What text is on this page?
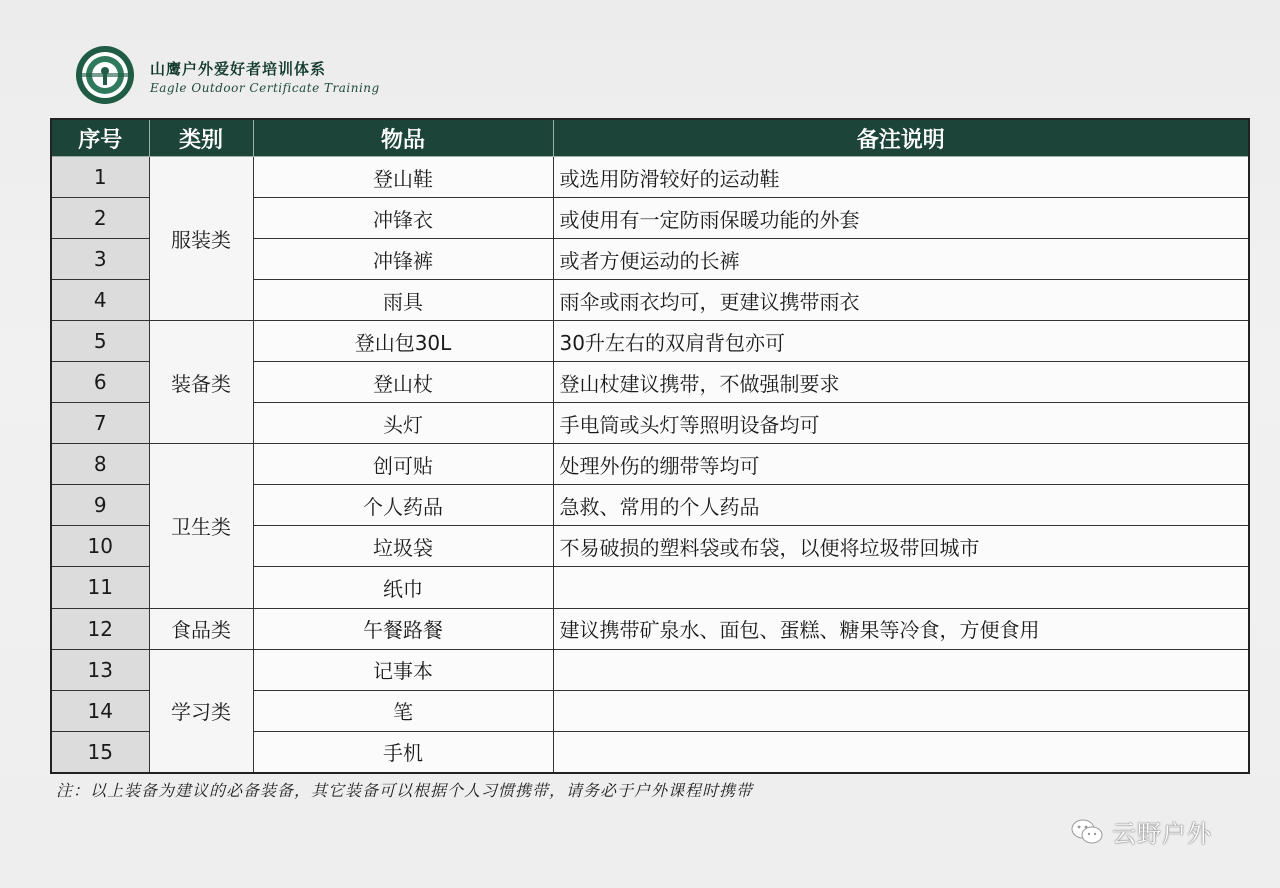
山鹰户外爱好者培训体系
Eagle Outdoor Certificate Training
序号	类别	物品	备注说明
1	服装类	登山鞋	或选用防滑较好的运动鞋
2		冲锋衣	或使用有一定防雨保暖功能的外套
3		冲锋裤	或者方便运动的长裤
4		雨具	雨伞或雨衣均可，更建议携带雨衣
5	装备类	登山包30L	30升左右的双肩背包亦可
6		登山杖	登山杖建议携带，不做强制要求
7		头灯	手电筒或头灯等照明设备均可
8	卫生类	创可贴	处理外伤的绷带等均可
9		个人药品	急救、常用的个人药品
10		垃圾袋	不易破损的塑料袋或布袋，以便将垃圾带回城市
11		纸巾	
12	食品类	午餐路餐	建议携带矿泉水、面包、蛋糕、糖果等冷食，方便食用
13	学习类	记事本	
14		笔	
15		手机	
注：以上装备为建议的必备装备，其它装备可以根据个人习惯携带，请务必于户外课程时携带
云野户外
